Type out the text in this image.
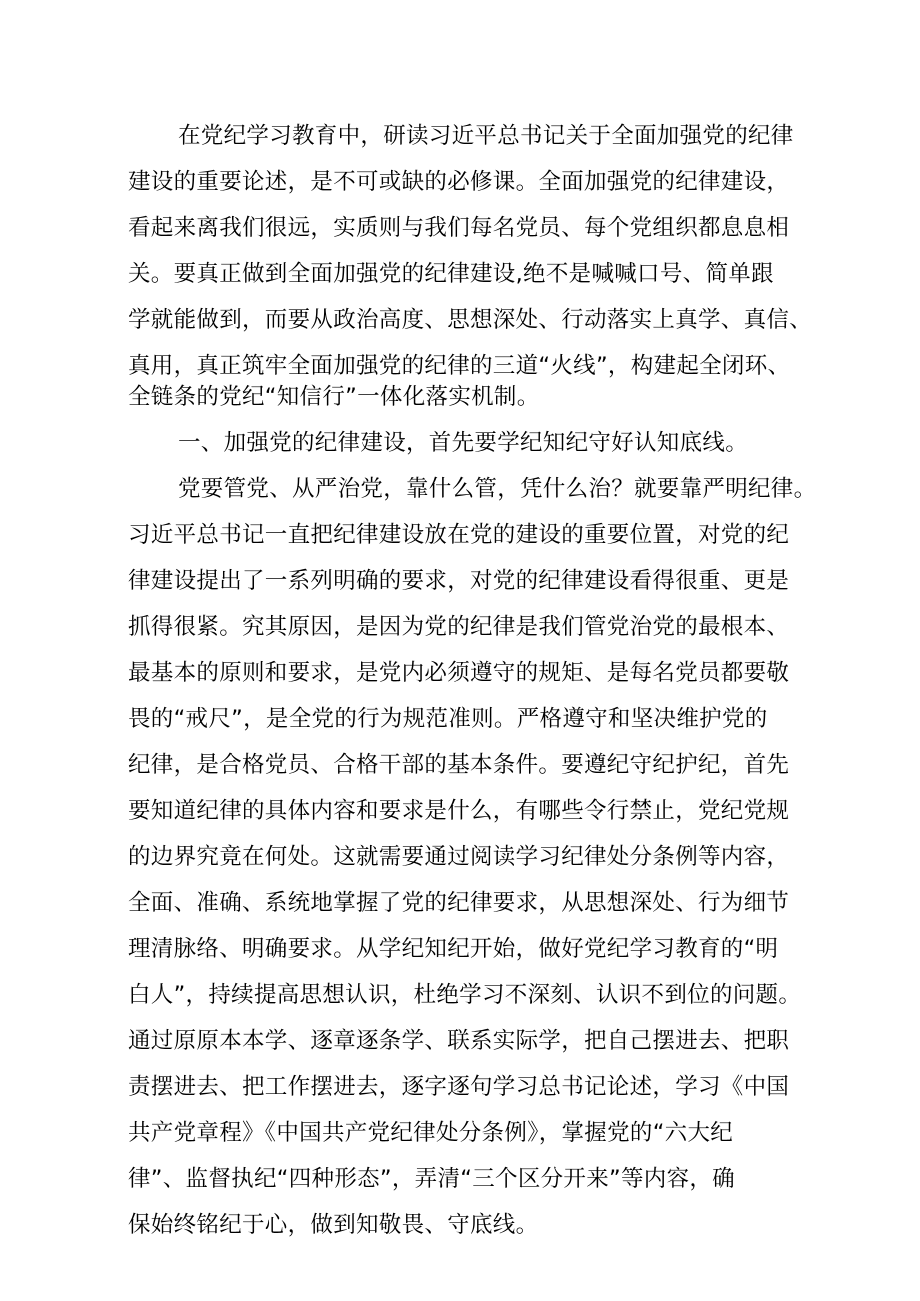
在党纪学习教育中，研读习近平总书记关于全面加强党的纪律
建设的重要论述，是不可或缺的必修课。全面加强党的纪律建设，
看起来离我们很远，实质则与我们每名党员、每个党组织都息息相
关。要真正做到全面加强党的纪律建设,绝不是喊喊口号、简单跟
学就能做到，而要从政治高度、思想深处、行动落实上真学、真信、
真用，真正筑牢全面加强党的纪律的三道“火线”，构建起全闭环、
全链条的党纪“知信行”一体化落实机制。
一、加强党的纪律建设，首先要学纪知纪守好认知底线。
党要管党、从严治党，靠什么管，凭什么治？就要靠严明纪律。
习近平总书记一直把纪律建设放在党的建设的重要位置，对党的纪
律建设提出了一系列明确的要求，对党的纪律建设看得很重、更是
抓得很紧。究其原因，是因为党的纪律是我们管党治党的最根本、
最基本的原则和要求，是党内必须遵守的规矩、是每名党员都要敬
畏的“戒尺”，是全党的行为规范准则。严格遵守和坚决维护党的
纪律，是合格党员、合格干部的基本条件。要遵纪守纪护纪，首先
要知道纪律的具体内容和要求是什么，有哪些令行禁止，党纪党规
的边界究竟在何处。这就需要通过阅读学习纪律处分条例等内容，
全面、准确、系统地掌握了党的纪律要求，从思想深处、行为细节
理清脉络、明确要求。从学纪知纪开始，做好党纪学习教育的“明
白人”，持续提高思想认识，杜绝学习不深刻、认识不到位的问题。
通过原原本本学、逐章逐条学、联系实际学，把自己摆进去、把职
责摆进去、把工作摆进去，逐字逐句学习总书记论述，学习《中国
共产党章程》《中国共产党纪律处分条例》，掌握党的“六大纪
律”、监督执纪“四种形态”，弄清“三个区分开来”等内容，确
保始终铭纪于心，做到知敬畏、守底线。
